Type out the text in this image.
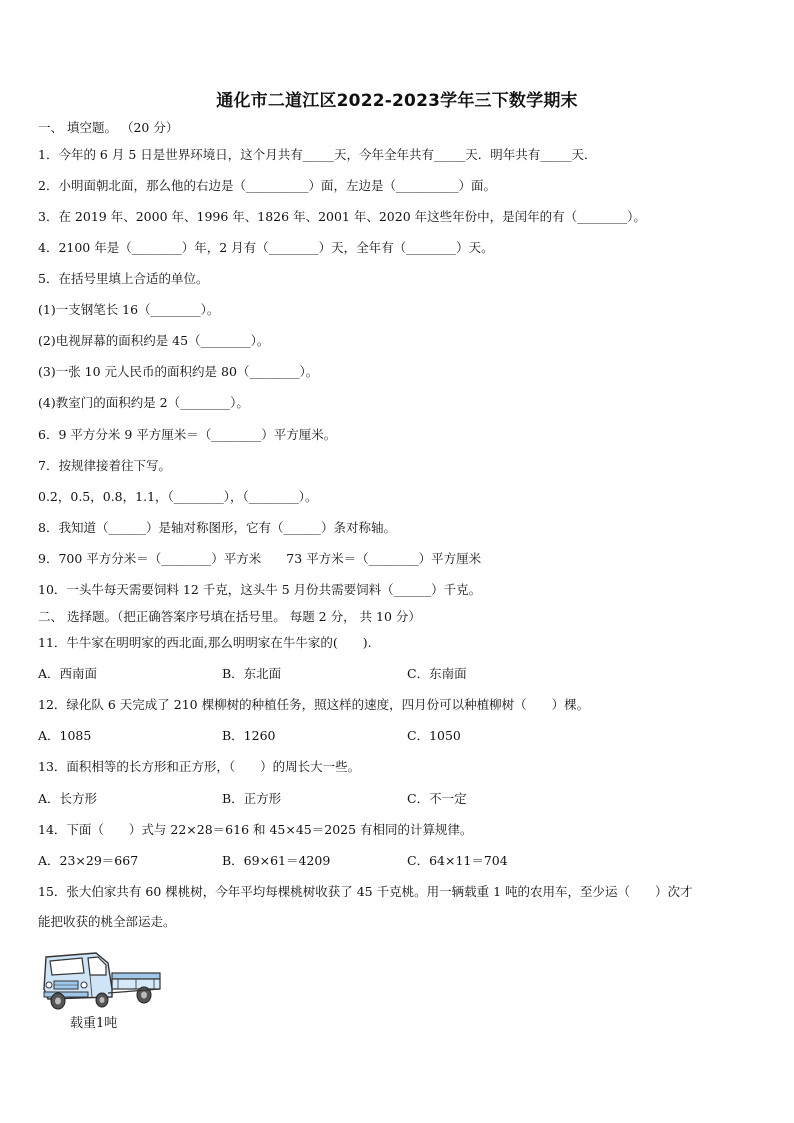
通化市二道江区2022-2023学年三下数学期末
一、 填空题。 （20 分）
1．今年的 6 月 5 日是世界环境日，这个月共有_____天，今年全年共有_____天．明年共有_____天．
2．小明面朝北面，那么他的右边是（__________）面，左边是（__________）面。
3．在 2019 年、2000 年、1996 年、1826 年、2001 年、2020 年这些年份中，是闰年的有（________）。
4．2100 年是（________）年，2 月有（________）天，全年有（________）天。
5．在括号里填上合适的单位。
(1)一支钢笔长 16（________）。
(2)电视屏幕的面积约是 45（________）。
(3)一张 10 元人民币的面积约是 80（________）。
(4)教室门的面积约是 2（________）。
6．9 平方分米 9 平方厘米＝（________）平方厘米。
7．按规律接着往下写。
0.2，0.5，0.8，1.1，（________），（________）。
8．我知道（______）是轴对称图形，它有（______）条对称轴。
9．700 平方分米＝（________）平方米　　73 平方米＝（________）平方厘米
10．一头牛每天需要饲料 12 千克，这头牛 5 月份共需要饲料（______）千克。
二、 选择题。（把正确答案序号填在括号里。 每题 2 分， 共 10 分）
11．牛牛家在明明家的西北面,那么明明家在牛牛家的(　　).
A．西南面	B．东北面	C．东南面
12．绿化队 6 天完成了 210 棵柳树的种植任务，照这样的速度，四月份可以种植柳树（　　）棵。
A．1085	B．1260	C．1050
13．面积相等的长方形和正方形，（　　）的周长大一些。
A．长方形	B．正方形	C．不一定
14．下面（　　）式与 22×28＝616 和 45×45＝2025 有相同的计算规律。
A．23×29＝667	B．69×61＝4209	C．64×11＝704
15．张大伯家共有 60 棵桃树，今年平均每棵桃树收获了 45 千克桃。用一辆载重 1 吨的农用车，至少运（　　）次才
能把收获的桃全部运走。
载重1吨
